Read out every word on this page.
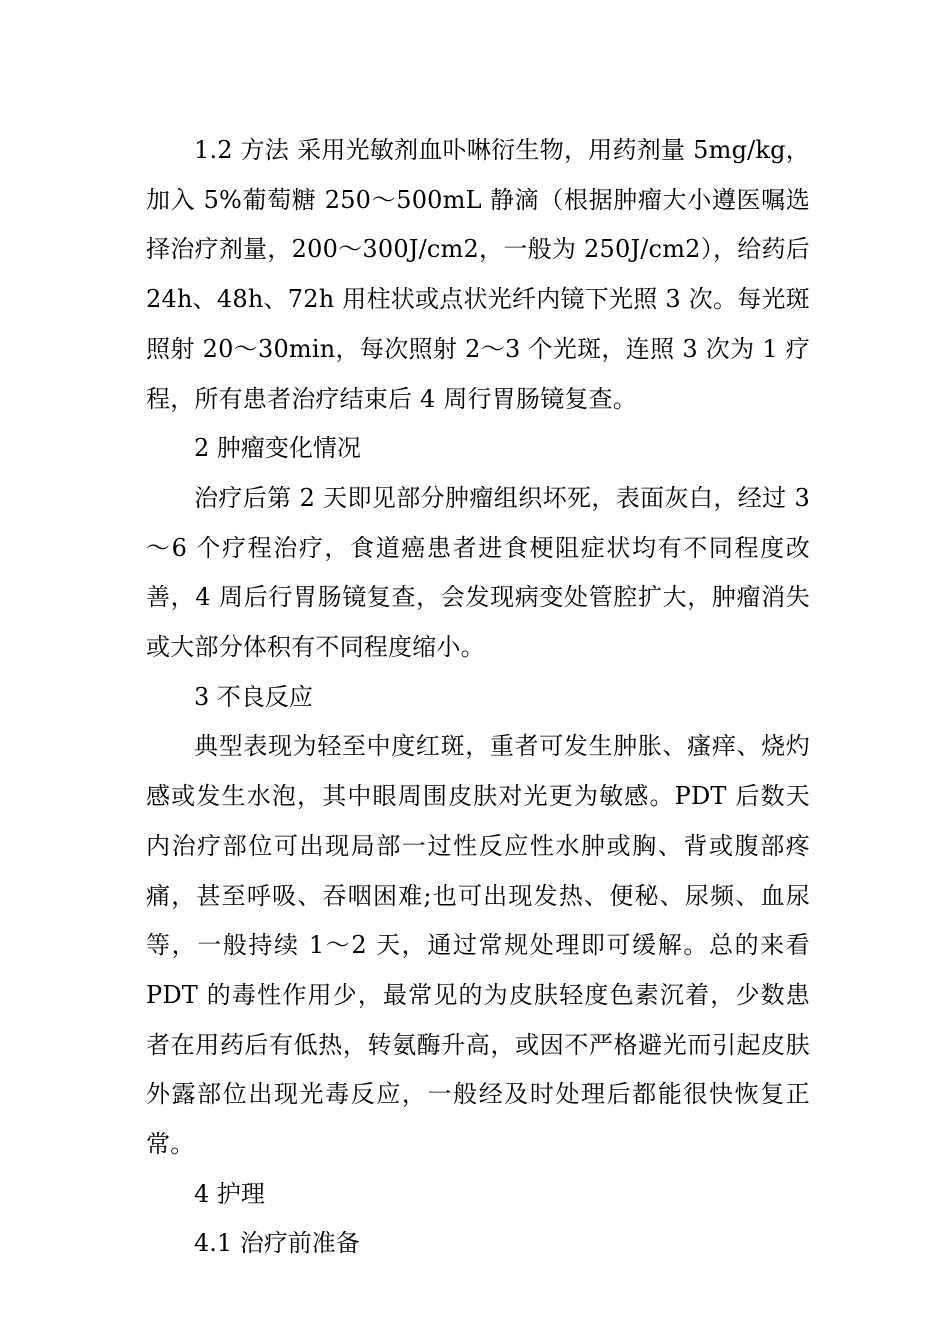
1.2 方法 采用光敏剂血卟啉衍生物，用药剂量 5mg/kg，加入 5%葡萄糖 250～500mL 静滴（根据肿瘤大小遵医嘱选择治疗剂量，200～300J/cm2，一般为 250J/cm2），给药后 24h、48h、72h 用柱状或点状光纤内镜下光照 3 次。每光斑照射 20～30min，每次照射 2～3 个光斑，连照 3 次为 1 疗程，所有患者治疗结束后 4 周行胃肠镜复查。

2 肿瘤变化情况

治疗后第 2 天即见部分肿瘤组织坏死，表面灰白，经过 3～6 个疗程治疗，食道癌患者进食梗阻症状均有不同程度改善，4 周后行胃肠镜复查，会发现病变处管腔扩大，肿瘤消失或大部分体积有不同程度缩小。

3 不良反应

典型表现为轻至中度红斑，重者可发生肿胀、瘙痒、烧灼感或发生水泡，其中眼周围皮肤对光更为敏感。PDT 后数天内治疗部位可出现局部一过性反应性水肿或胸、背或腹部疼痛，甚至呼吸、吞咽困难;也可出现发热、便秘、尿频、血尿等，一般持续 1～2 天，通过常规处理即可缓解。总的来看 PDT 的毒性作用少，最常见的为皮肤轻度色素沉着，少数患者在用药后有低热，转氨酶升高，或因不严格避光而引起皮肤外露部位出现光毒反应，一般经及时处理后都能很快恢复正常。

4 护理

4.1 治疗前准备
